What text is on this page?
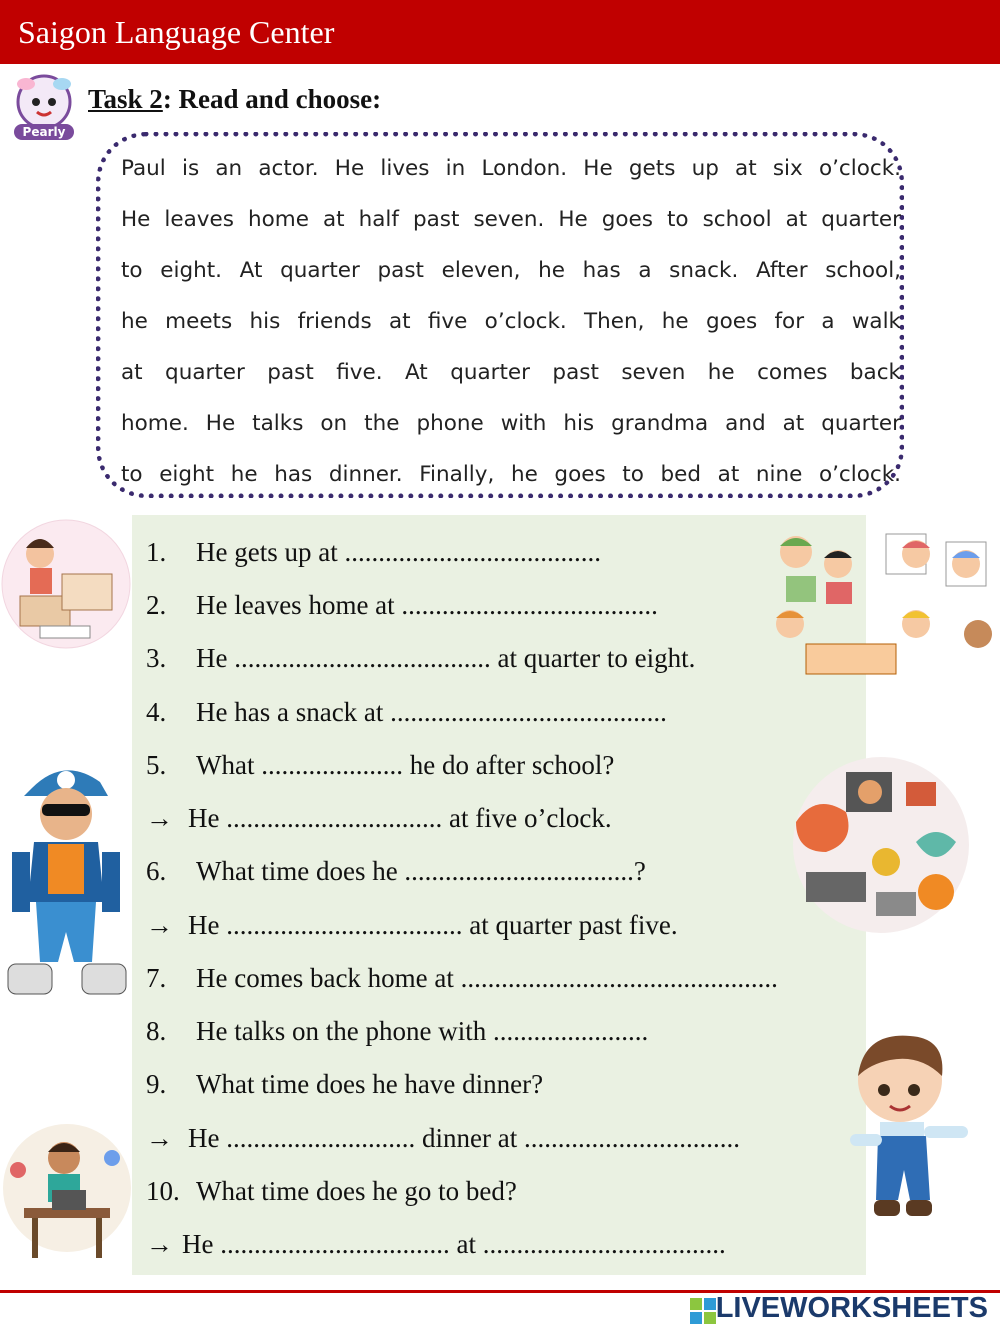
Saigon Language Center
Pearly
Task 2: Read and choose:

Paul is an actor. He lives in London. He gets up at six o’clock.
He leaves home at half past seven. He goes to school at quarter
to eight. At quarter past eleven, he has a snack. After school,
he meets his friends at five o’clock. Then, he goes for a walk
at quarter past five. At quarter past seven he comes back
home. He talks on the phone with his grandma and at quarter
to eight he has dinner. Finally, he goes to bed at nine o’clock.

1. He gets up at ......................................
2. He leaves home at ......................................
3. He ...................................... at quarter to eight.
4. He has a snack at .........................................
5. What ..................... he do after school?
→ He ................................ at five o’clock.
6. What time does he ..................................?
→ He ................................... at quarter past five.
7. He comes back home at ...............................................
8. He talks on the phone with .......................
9. What time does he have dinner?
→ He ............................ dinner at ................................
10. What time does he go to bed?
→ He .................................. at ....................................
LIVEWORKSHEETS
